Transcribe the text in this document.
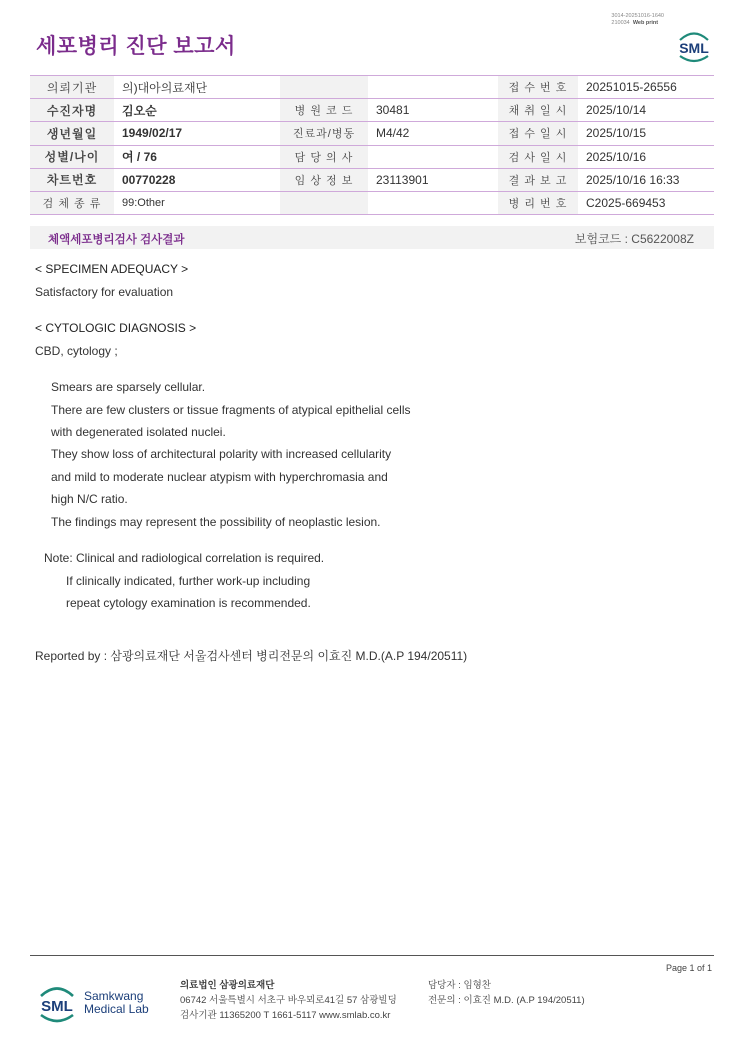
세포병리 진단 보고서
3014-20251016-1640
210034 Web print
SML
의뢰기관	의)대아의료재단			접 수 번 호	20251015-26556
수진자명	김오순	병 원 코 드	30481	채 취 일 시	2025/10/14
생년월일	1949/02/17	진료과/병동	M4/42	접 수 일 시	2025/10/15
성별/나이	여 / 76	담 당 의 사		검 사 일 시	2025/10/16
차트번호	00770228	임 상 정 보	23113901	결 과 보 고	2025/10/16 16:33
검 체 종 류	99:Other			병 리 번 호	C2025-669453
체액세포병리검사 검사결과	보험코드 : C5622008Z
< SPECIMEN ADEQUACY >
Satisfactory for evaluation
< CYTOLOGIC DIAGNOSIS >
CBD, cytology ;
Smears are sparsely cellular.
There are few clusters or tissue fragments of atypical epithelial cells
with degenerated isolated nuclei.
They show loss of architectural polarity with increased cellularity
and mild to moderate nuclear atypism with hyperchromasia and
high N/C ratio.
The findings may represent the possibility of neoplastic lesion.
Note: Clinical and radiological correlation is required.
If clinically indicated, further work-up including
repeat cytology examination is recommended.
Reported by : 삼광의료재단 서울검사센터 병리전문의 이효진 M.D.(A.P 194/20511)
Page 1 of 1
SML
Samkwang
Medical Lab
의료법인 삼광의료재단
06742 서울특별시 서초구 바우뫼로41길 57 삼광빌딩
검사기관 11365200 T 1661-5117 www.smlab.co.kr
담당자 : 임형찬
전문의 : 이효진 M.D. (A.P 194/20511)
